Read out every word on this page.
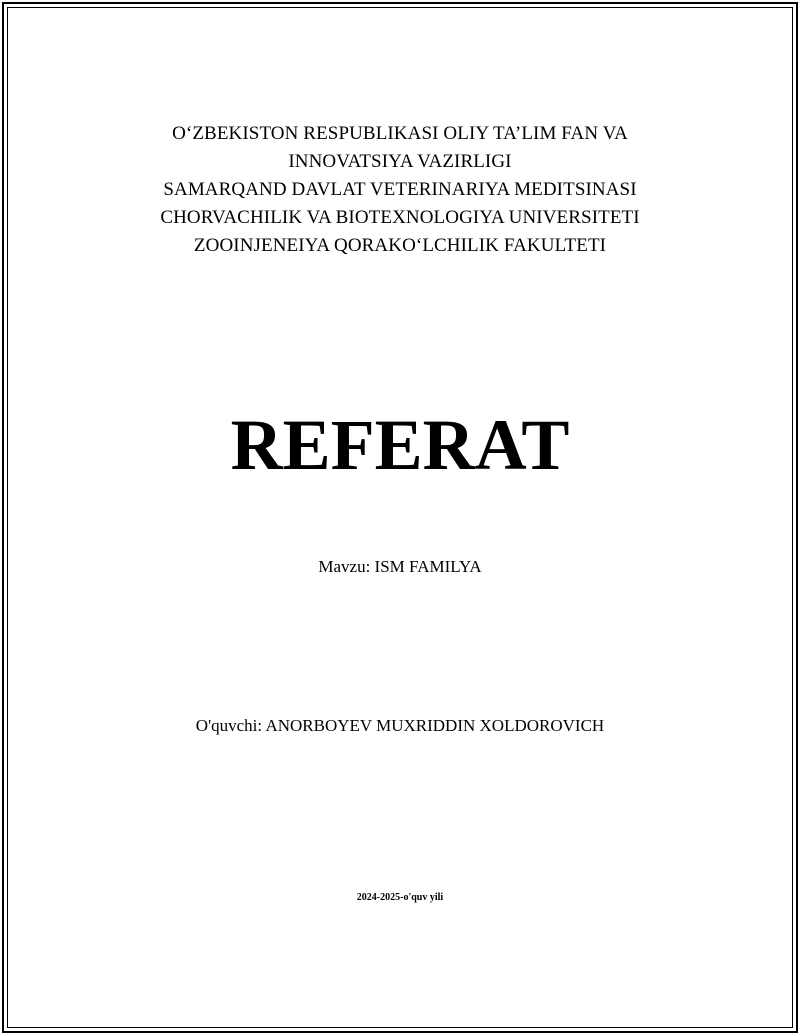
O‘ZBEKISTON RESPUBLIKASI OLIY TA’LIM FAN VA
INNOVATSIYA VAZIRLIGI
SAMARQAND DAVLAT VETERINARIYA MEDITSINASI
CHORVACHILIK VA BIOTEXNOLOGIYA UNIVERSITETI
ZOOINJENEIYA QORAKO‘LCHILIK FAKULTETI
REFERAT
Mavzu: ISM FAMILYA
O'quvchi: ANORBOYEV MUXRIDDIN XOLDOROVICH
2024-2025-o'quv yili
